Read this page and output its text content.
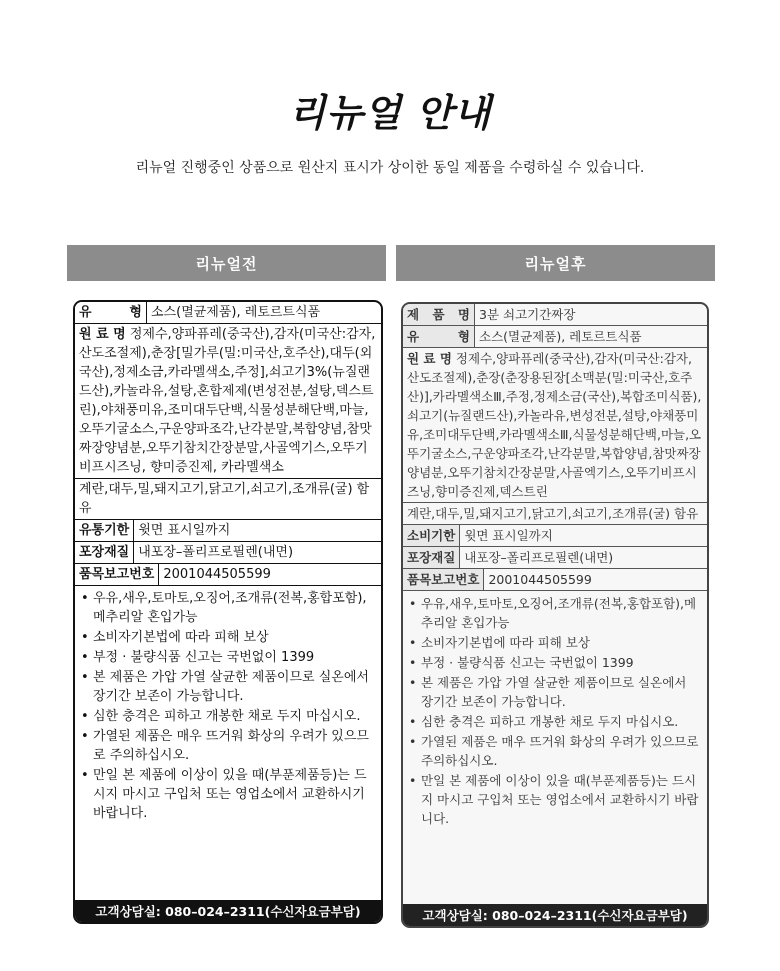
리뉴얼 안내
리뉴얼 진행중인 상품으로 원산지 표시가 상이한 동일 제품을 수령하실 수 있습니다.
리뉴얼전	리뉴얼후
유　형 소스(멸균제품), 레토르트식품
원 료 명 정제수,양파퓨레(중국산),감자(미국산:감자,산도조절제),춘장[밀가루(밀:미국산,호주산),대두(외국산),정제소금,카라멜색소,주정],쇠고기3%(뉴질랜드산),카놀라유,설탕,혼합제제(변성전분,설탕,덱스트린),야채풍미유,조미대두단백,식물성분해단백,마늘,오뚜기굴소스,구운양파조각,난각분말,복합양념,참맛짜장양념분,오뚜기참치간장분말,사골엑기스,오뚜기비프시즈닝, 향미증진제, 카라멜색소
계란,대두,밀,돼지고기,닭고기,쇠고기,조개류(굴) 함유
유통기한 윗면 표시일까지
포장재질 내포장–폴리프로필렌(내면)
품목보고번호 2001044505599
• 우유,새우,토마토,오징어,조개류(전복,홍합포함),메추리알 혼입가능
• 소비자기본법에 따라 피해 보상
• 부정 · 불량식품 신고는 국번없이 1399
• 본 제품은 가압 가열 살균한 제품이므로 실온에서 장기간 보존이 가능합니다.
• 심한 충격은 피하고 개봉한 채로 두지 마십시오.
• 가열된 제품은 매우 뜨거워 화상의 우려가 있으므로 주의하십시오.
• 만일 본 제품에 이상이 있을 때(부푼제품등)는 드시지 마시고 구입처 또는 영업소에서 교환하시기 바랍니다.
고객상담실: 080–024–2311(수신자요금부담)
제 품 명 3분 쇠고기간짜장
유　형 소스(멸균제품), 레토르트식품
원 료 명 정제수,양파퓨레(중국산),감자(미국산:감자,산도조절제),춘장(춘장용된장[소맥분(밀:미국산,호주산)],카라멜색소Ⅲ,주정,정제소금(국산),복합조미식품),쇠고기(뉴질랜드산),카놀라유,변성전분,설탕,야채풍미유,조미대두단백,카라멜색소Ⅲ,식물성분해단백,마늘,오뚜기굴소스,구운양파조각,난각분말,복합양념,참맛짜장양념분,오뚜기참치간장분말,사골엑기스,오뚜기비프시즈닝,향미증진제,덱스트린
계란,대두,밀,돼지고기,닭고기,쇠고기,조개류(굴) 함유
소비기한 윗면 표시일까지
포장재질 내포장–폴리프로필렌(내면)
품목보고번호 2001044505599
• 우유,새우,토마토,오징어,조개류(전복,홍합포함),메추리알 혼입가능
• 소비자기본법에 따라 피해 보상
• 부정 · 불량식품 신고는 국번없이 1399
• 본 제품은 가압 가열 살균한 제품이므로 실온에서 장기간 보존이 가능합니다.
• 심한 충격은 피하고 개봉한 채로 두지 마십시오.
• 가열된 제품은 매우 뜨거워 화상의 우려가 있으므로 주의하십시오.
• 만일 본 제품에 이상이 있을 때(부푼제품등)는 드시지 마시고 구입처 또는 영업소에서 교환하시기 바랍니다.
고객상담실: 080–024–2311(수신자요금부담)
